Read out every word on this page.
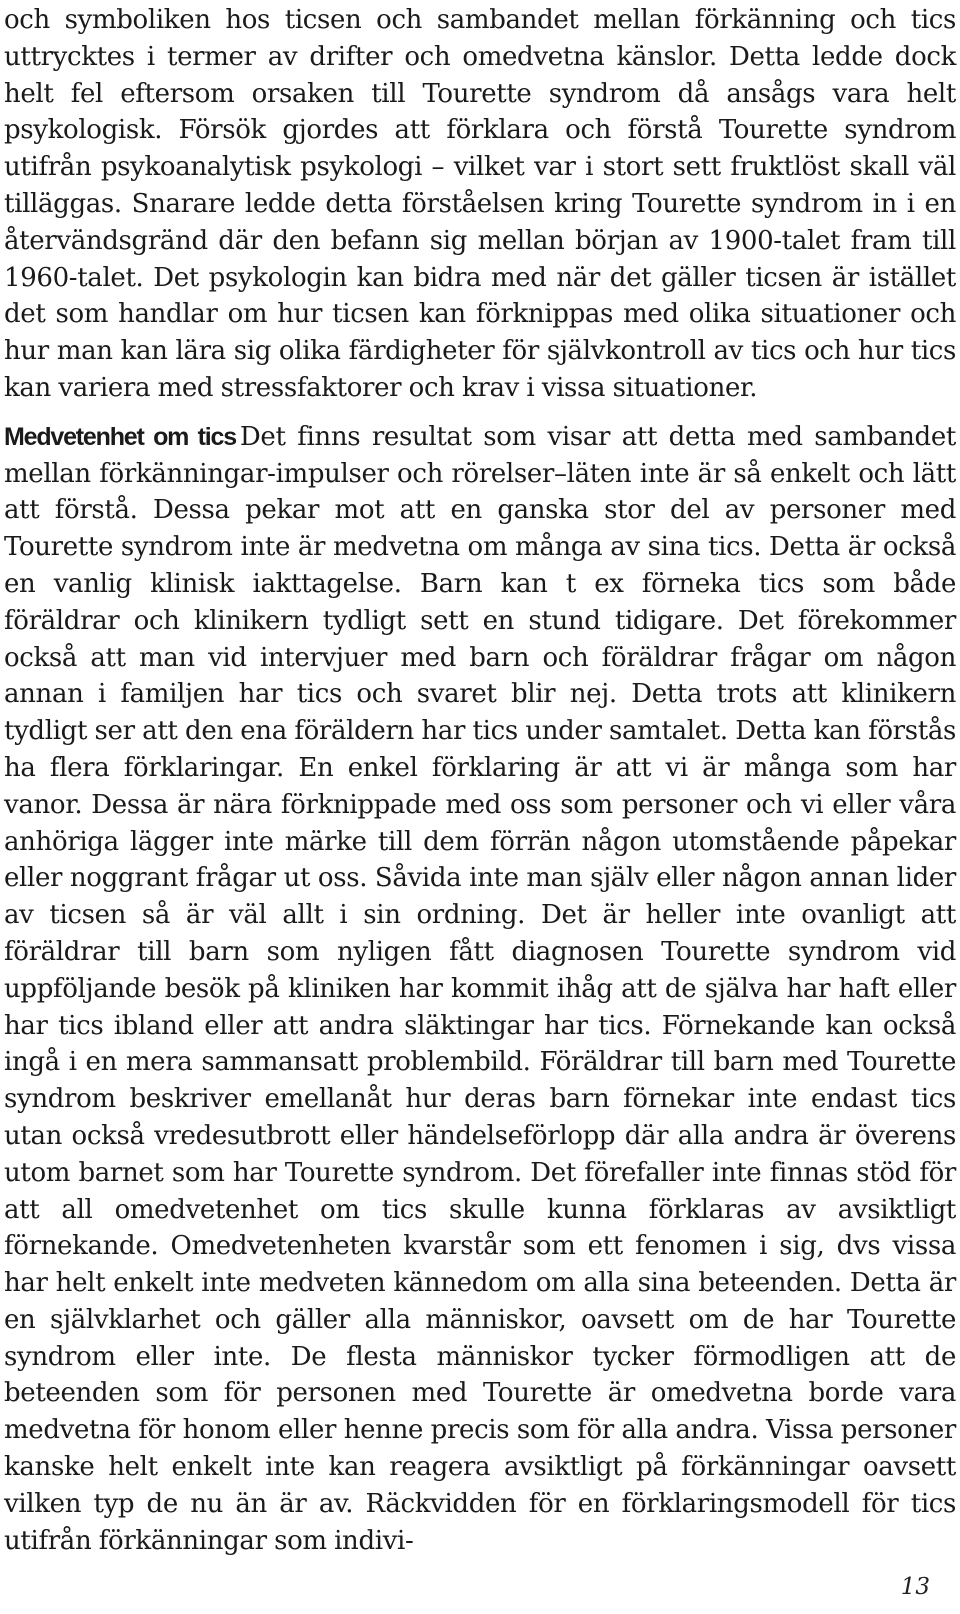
och symboliken hos ticsen och sambandet mellan förkänning och tics uttrycktes i termer av drifter och omedvetna känslor. Detta ledde dock helt fel eftersom orsaken till Tourette syndrom då ansågs vara helt psykologisk. Försök gjordes att förklara och förstå Tourette syndrom utifrån psykoanalytisk psykologi – vilket var i stort sett fruktlöst skall väl tilläggas. Snarare ledde detta förståelsen kring Tourette syndrom in i en återvändsgränd där den befann sig mellan början av 1900-talet fram till 1960-talet. Det psykologin kan bidra med när det gäller ticsen är istället det som handlar om hur ticsen kan förknippas med olika situationer och hur man kan lära sig olika färdigheter för självkontroll av tics och hur tics kan variera med stressfaktorer och krav i vissa situationer.

Medvetenhet om tics Det finns resultat som visar att detta med sambandet mellan förkänningar-impulser och rörelser–läten inte är så enkelt och lätt att förstå. Dessa pekar mot att en ganska stor del av personer med Tourette syndrom inte är medvetna om många av sina tics. Detta är också en vanlig klinisk iakttagelse. Barn kan t ex förneka tics som både föräldrar och klinikern tydligt sett en stund tidigare. Det förekommer också att man vid intervjuer med barn och föräldrar frågar om någon annan i familjen har tics och svaret blir nej. Detta trots att klinikern tydligt ser att den ena föräldern har tics under samtalet. Detta kan förstås ha flera förklaringar. En enkel förklaring är att vi är många som har vanor. Dessa är nära förknippade med oss som personer och vi eller våra anhöriga lägger inte märke till dem förrän någon utomstående påpekar eller noggrant frågar ut oss. Såvida inte man själv eller någon annan lider av ticsen så är väl allt i sin ordning. Det är heller inte ovanligt att föräldrar till barn som nyligen fått diagnosen Tourette syndrom vid uppföljande besök på kliniken har kommit ihåg att de själva har haft eller har tics ibland eller att andra släktingar har tics. Förnekande kan också ingå i en mera sammansatt problembild. Föräldrar till barn med Tourette syndrom beskriver emellanåt hur deras barn förnekar inte endast tics utan också vredesutbrott eller händelseförlopp där alla andra är överens utom barnet som har Tourette syndrom. Det förefaller inte finnas stöd för att all omedvetenhet om tics skulle kunna förklaras av avsiktligt förnekande. Omedvetenheten kvarstår som ett fenomen i sig, dvs vissa har helt enkelt inte medveten kännedom om alla sina beteenden. Detta är en självklarhet och gäller alla människor, oavsett om de har Tourette syndrom eller inte. De flesta människor tycker förmodligen att de beteenden som för personen med Tourette är omedvetna borde vara medvetna för honom eller henne precis som för alla andra. Vissa personer kanske helt enkelt inte kan reagera avsiktligt på förkänningar oavsett vilken typ de nu än är av. Räckvidden för en förklaringsmodell för tics utifrån förkänningar som indivi-

13
